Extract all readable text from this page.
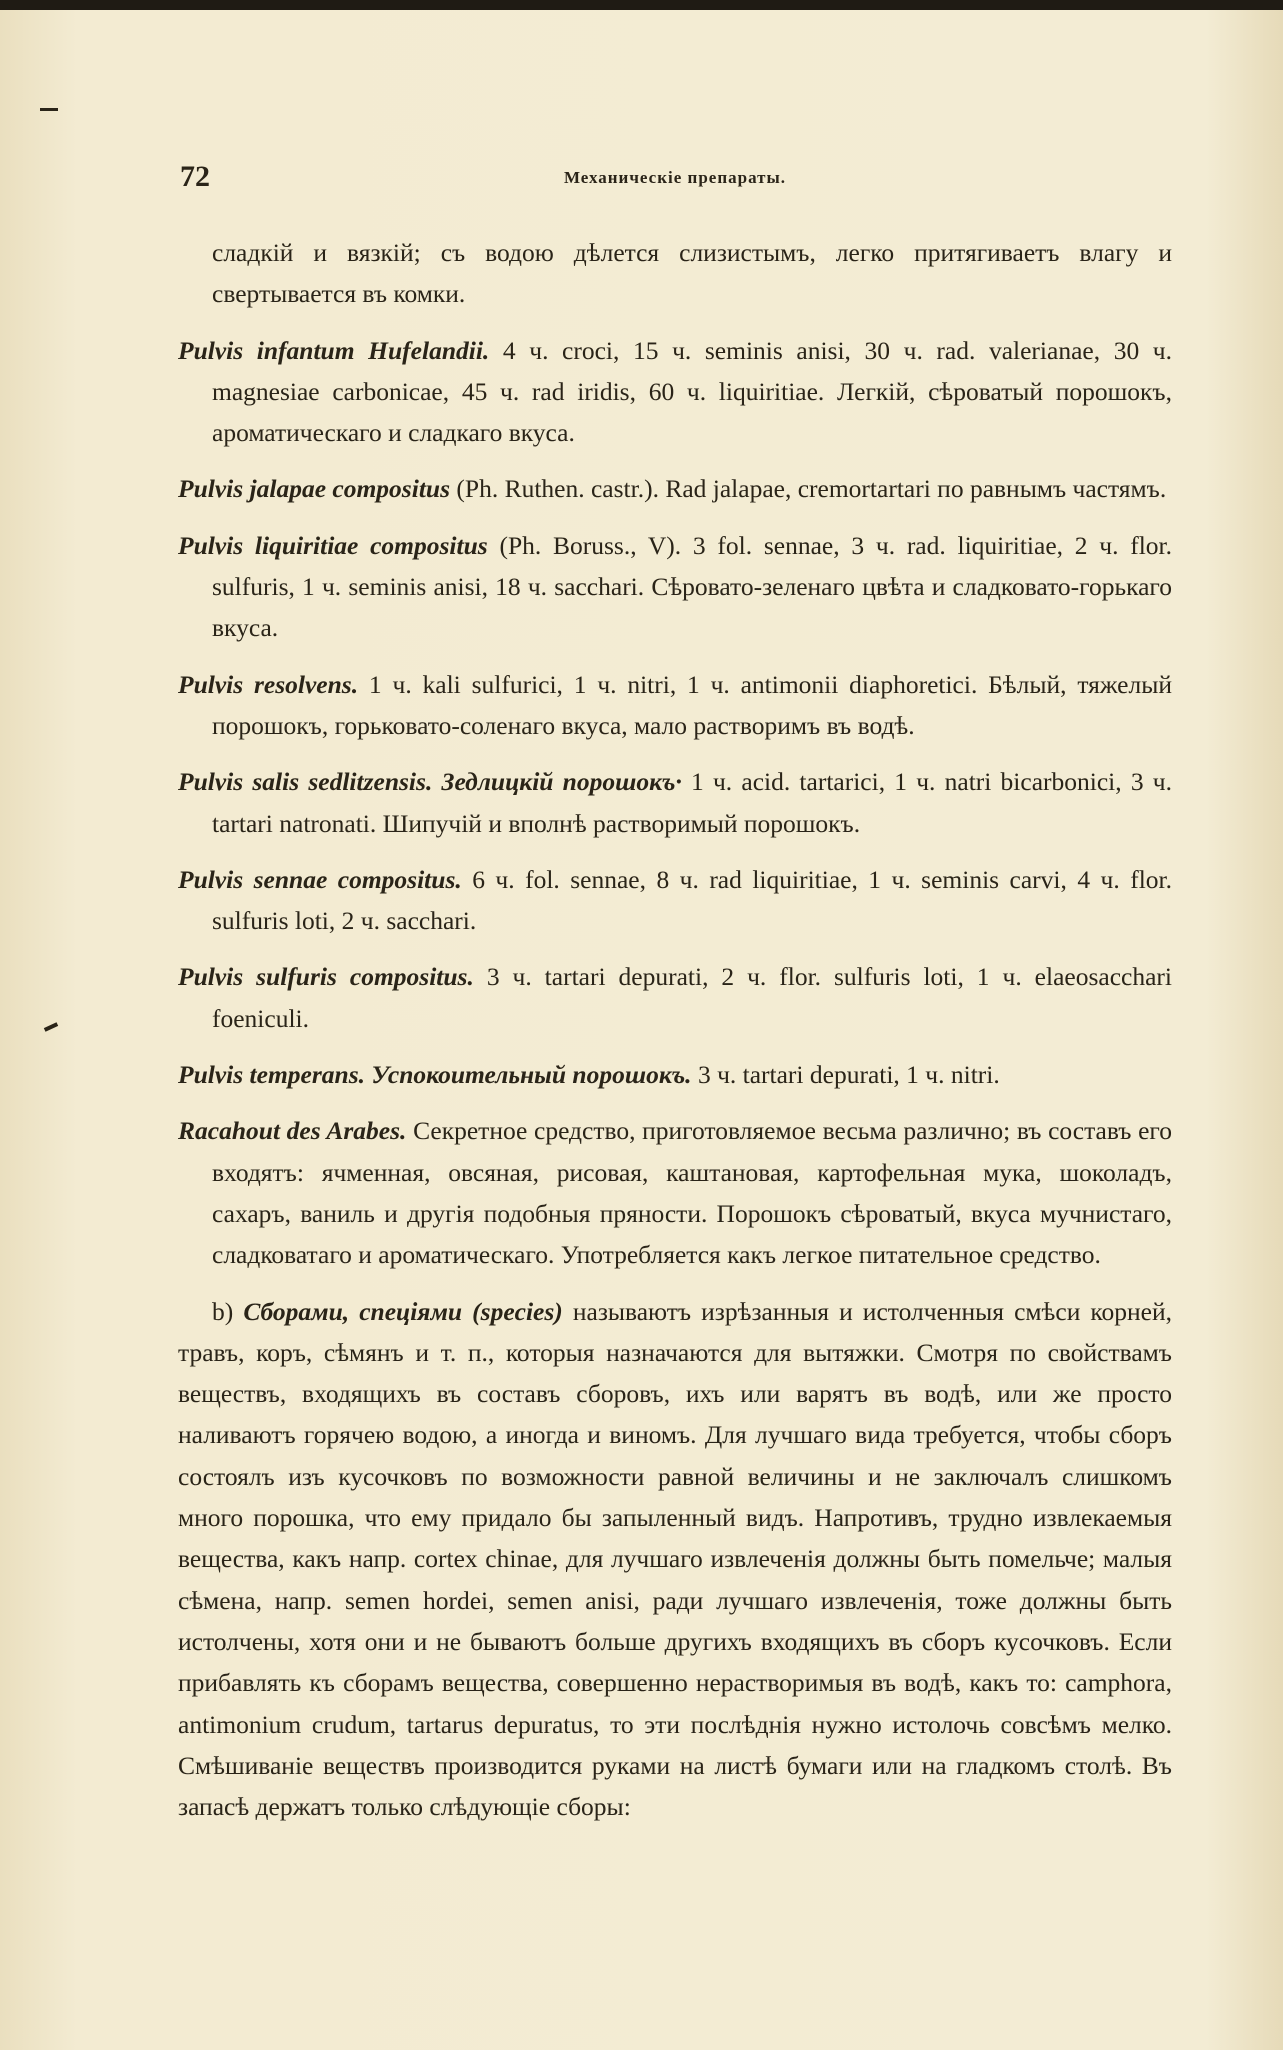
72	Механическіе препараты.

сладкій и вязкій; съ водою дѣлется слизистымъ, легко притягиваетъ влагу и свертывается въ комки.

Pulvis infantum Hufelandii. 4 ч. croci, 15 ч. seminis anisi, 30 ч. rad. valerianae, 30 ч. magnesiae carbonicae, 45 ч. rad iridis, 60 ч. liquiritiae. Легкій, сѣроватый порошокъ, ароматическаго и сладкаго вкуса.

Pulvis jalapae compositus (Ph. Ruthen. castr.). Rad jalapae, cremortartari по равнымъ частямъ.

Pulvis liquiritiae compositus (Ph. Boruss., V). 3 fol. sennae, 3 ч. rad. liquiritiae, 2 ч. flor. sulfuris, 1 ч. seminis anisi, 18 ч. sacchari. Сѣровато-зеленаго цвѣта и сладковато-горькаго вкуса.

Pulvis resolvens. 1 ч. kali sulfurici, 1 ч. nitri, 1 ч. antimonii diaphoretici. Бѣлый, тяжелый порошокъ, горьковато-соленаго вкуса, мало растворимъ въ водѣ.

Pulvis salis sedlitzensis. Зедлицкій порошокъ· 1 ч. acid. tartarici, 1 ч. natri bicarbonici, 3 ч. tartari natronati. Шипучій и вполнѣ растворимый порошокъ.

Pulvis sennae compositus. 6 ч. fol. sennae, 8 ч. rad liquiritiae, 1 ч. seminis carvi, 4 ч. flor. sulfuris loti, 2 ч. sacchari.

Pulvis sulfuris compositus. 3 ч. tartari depurati, 2 ч. flor. sulfuris loti, 1 ч. elaeosacchari foeniculi.

Pulvis temperans. Успокоительный порошокъ. 3 ч. tartari depurati, 1 ч. nitri.

Racahout des Arabes. Секретное средство, приготовляемое весьма различно; въ составъ его входятъ: ячменная, овсяная, рисовая, каштановая, картофельная мука, шоколадъ, сахаръ, ваниль и другія подобныя пряности. Порошокъ сѣроватый, вкуса мучнистаго, сладковатаго и ароматическаго. Употребляется какъ легкое питательное средство.

b) Сборами, спеціями (species) называютъ изрѣзанныя и истолченныя смѣси корней, травъ, коръ, сѣмянъ и т. п., которыя назначаются для вытяжки. Смотря по свойствамъ веществъ, входящихъ въ составъ сборовъ, ихъ или варятъ въ водѣ, или же просто наливаютъ горячею водою, а иногда и виномъ. Для лучшаго вида требуется, чтобы сборъ состоялъ изъ кусочковъ по возможности равной величины и не заключалъ слишкомъ много порошка, что ему придало бы запыленный видъ. Напротивъ, трудно извлекаемыя вещества, какъ напр. cortex chinae, для лучшаго извлеченія должны быть помельче; малыя сѣмена, напр. semen hordei, semen anisi, ради лучшаго извлеченія, тоже должны быть истолчены, хотя они и не бываютъ больше другихъ входящихъ въ сборъ кусочковъ. Если прибавлять къ сборамъ вещества, совершенно нерастворимыя въ водѣ, какъ то: camphora, antimonium crudum, tartarus depuratus, то эти послѣднія нужно истолочь совсѣмъ мелко. Смѣшиваніе веществъ производится руками на листѣ бумаги или на гладкомъ столѣ. Въ запасѣ держатъ только слѣдующіе сборы:
